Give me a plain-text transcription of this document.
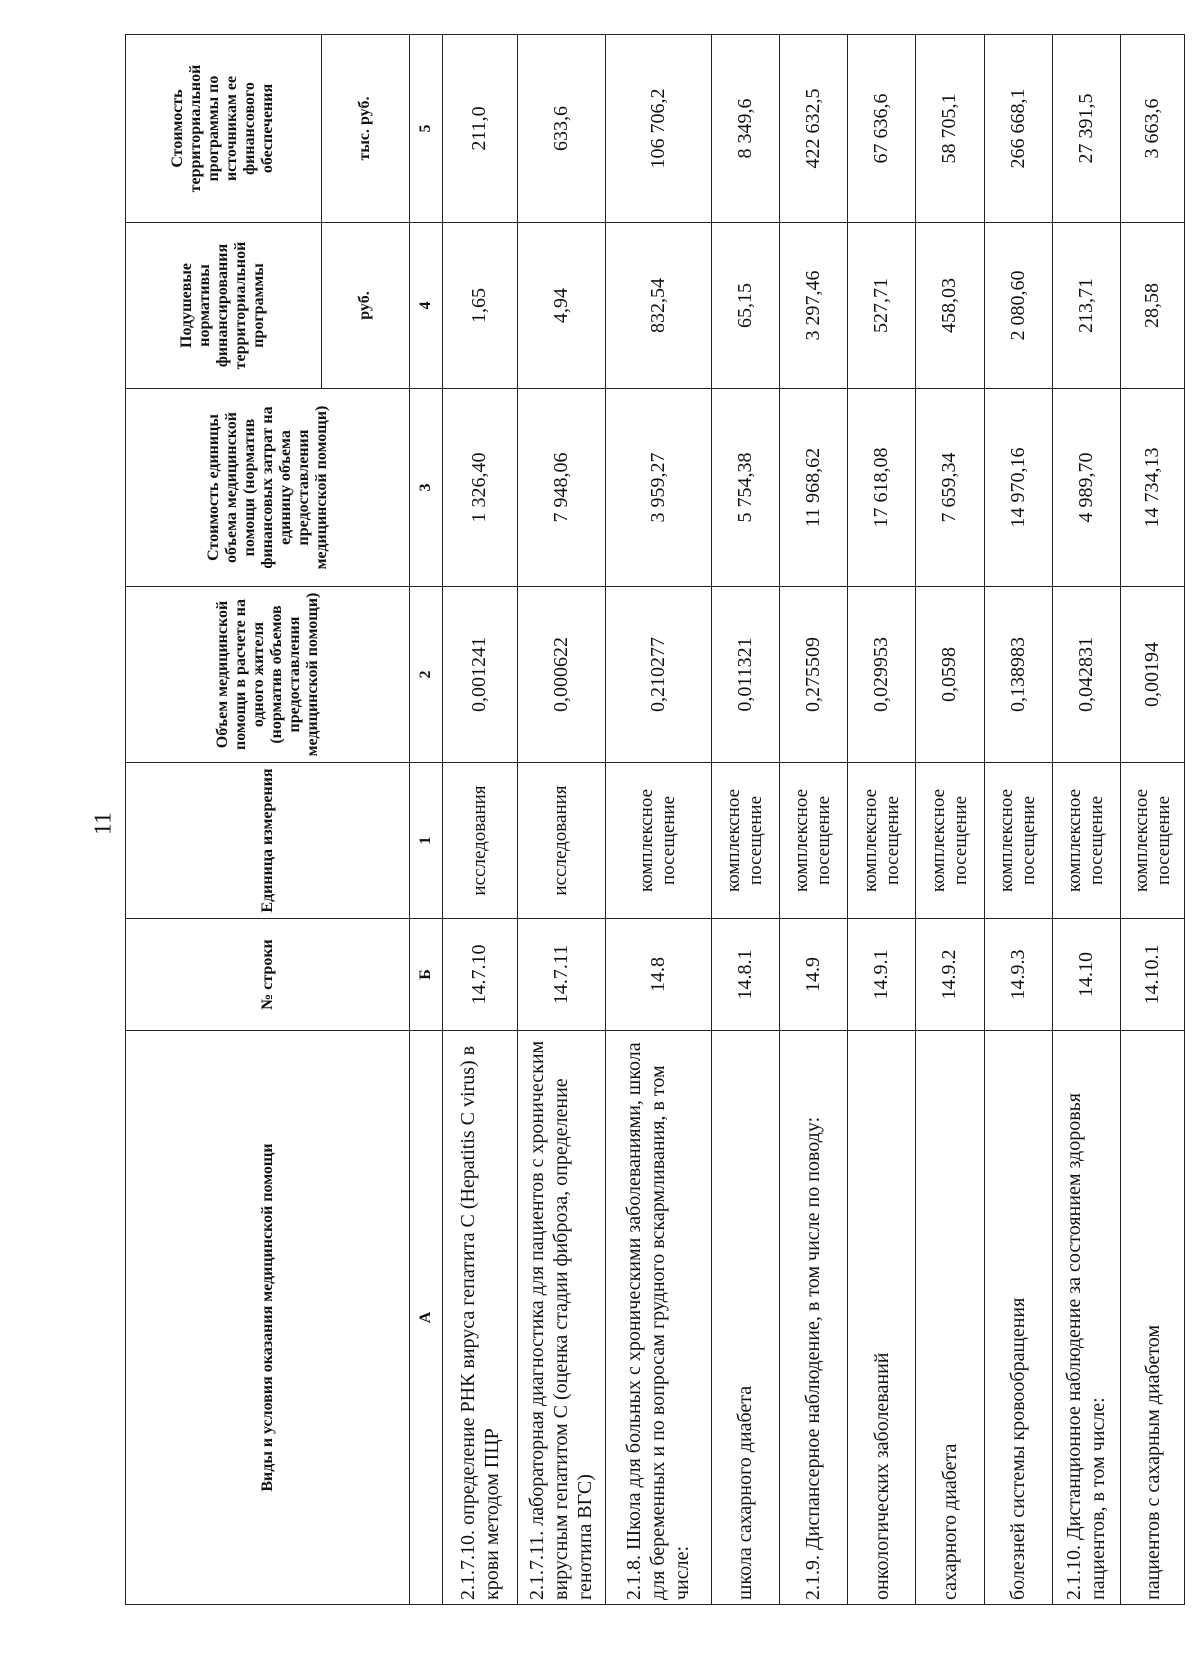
11
Виды и условия оказания медицинской помощи	№ строки	Единица измерения	Объем медицинской помощи в расчете на одного жителя (норматив объемов предоставления медицинской помощи)	Стоимость единицы объема медицинской помощи (норматив финансовых затрат на единицу объема предоставления медицинской помощи)	Подушевые нормативы финансирования территориальной программы	Стоимость территориальной программы по источникам ее финансового обеспечения
					руб.	тыс. руб.
А	Б	1	2	3	4	5
2.1.7.10. определение РНК вируса гепатита С (Hepatitis C virus) в крови методом ПЦР	14.7.10	исследования	0,001241	1 326,40	1,65	211,0
2.1.7.11. лабораторная диагностика для пациентов с хроническим вирусным гепатитом С (оценка стадии фиброза, определение генотипа ВГС)	14.7.11	исследования	0,000622	7 948,06	4,94	633,6
2.1.8. Школа для больных с хроническими заболеваниями, школа для беременных и по вопросам грудного вскармливания, в том числе:	14.8	комплексное посещение	0,210277	3 959,27	832,54	106 706,2
школа сахарного диабета	14.8.1	комплексное посещение	0,011321	5 754,38	65,15	8 349,6
2.1.9. Диспансерное наблюдение, в том числе по поводу:	14.9	комплексное посещение	0,275509	11 968,62	3 297,46	422 632,5
онкологических заболеваний	14.9.1	комплексное посещение	0,029953	17 618,08	527,71	67 636,6
сахарного диабета	14.9.2	комплексное посещение	0,0598	7 659,34	458,03	58 705,1
болезней системы кровообращения	14.9.3	комплексное посещение	0,138983	14 970,16	2 080,60	266 668,1
2.1.10. Дистанционное наблюдение за состоянием здоровья пациентов, в том числе:	14.10	комплексное посещение	0,042831	4 989,70	213,71	27 391,5
пациентов с сахарным диабетом	14.10.1	комплексное посещение	0,00194	14 734,13	28,58	3 663,6
